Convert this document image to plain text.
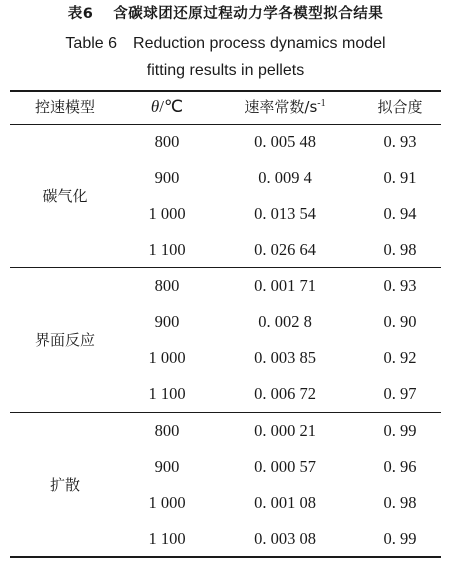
表6 含碳球团还原过程动力学各模型拟合结果
Table 6 Reduction process dynamics model
fitting results in pellets
控速模型	θ/℃	速率常数$/s^{-1}$	拟合度
碳气化
800	0. 005 48	0. 93
900	0. 009 4	0. 91
1 000	0. 013 54	0. 94
1 100	0. 026 64	0. 98
界面反应
800	0. 001 71	0. 93
900	0. 002 8	0. 90
1 000	0. 003 85	0. 92
1 100	0. 006 72	0. 97
扩散
800	0. 000 21	0. 99
900	0. 000 57	0. 96
1 000	0. 001 08	0. 98
1 100	0. 003 08	0. 99
